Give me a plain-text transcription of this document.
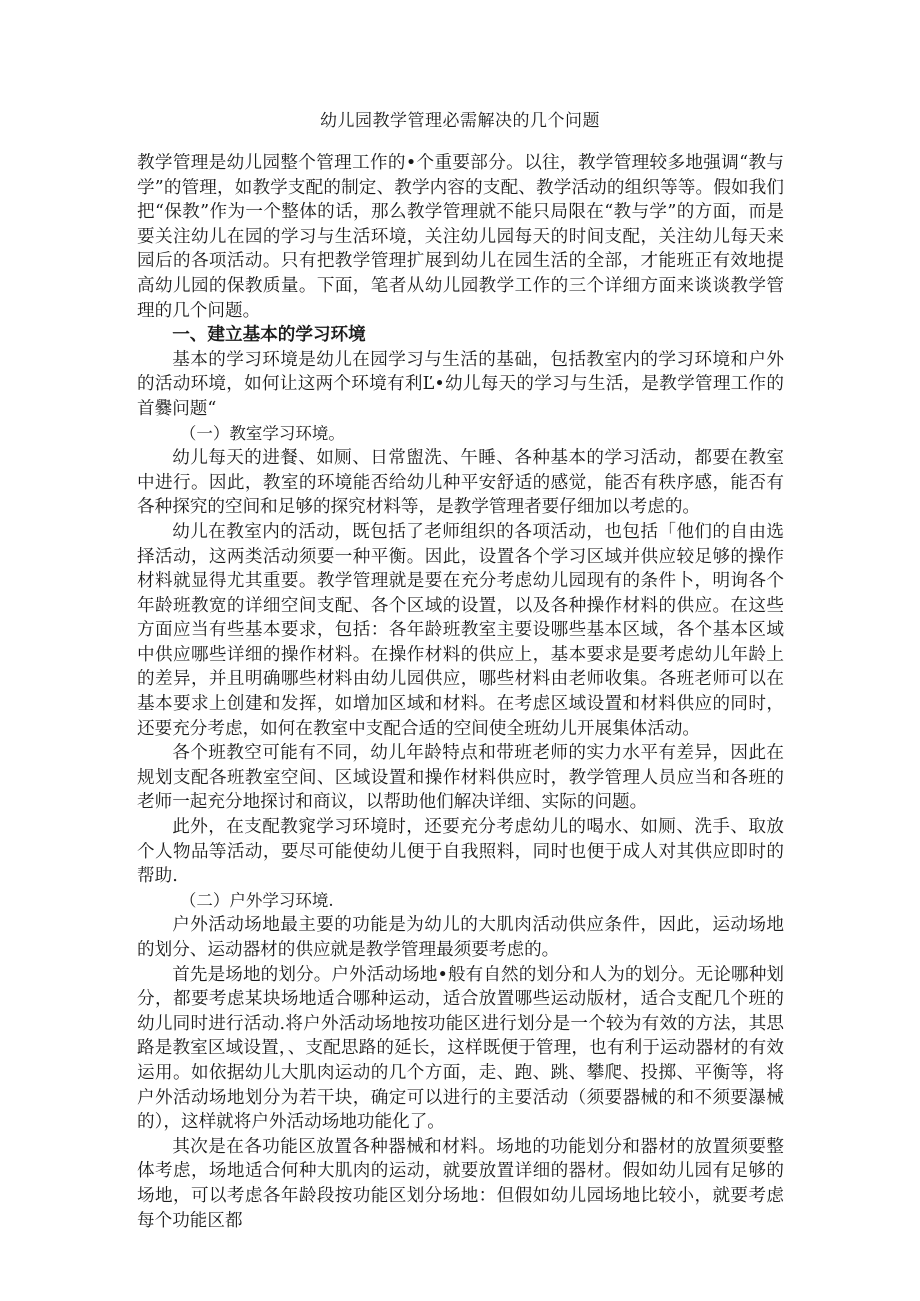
幼儿园教学管理必需解决的几个问题

教学管理是幼儿园整个管理工作的•个重要部分。以往，教学管理较多地强调“教与学”的管理，如教学支配的制定、教学内容的支配、教学活动的组织等等。假如我们把“保教”作为一个整体的话，那么教学管理就不能只局限在“教与学”的方面，而是要关注幼儿在园的学习与生活环境，关注幼儿园每天的时间支配，关注幼儿每天来园后的各项活动。只有把教学管理扩展到幼儿在园生活的全部，才能班正有效地提高幼儿园的保教质量。下面，笔者从幼儿园教学工作的三个详细方面来谈谈教学管理的几个问题。

一、建立基本的学习环境

基本的学习环境是幼儿在园学习与生活的基础，包括教室内的学习环境和户外的活动环境，如何让这两个环境有利Ľ•幼儿每天的学习与生活，是教学管理工作的首爨问题“

（一）教室学习环境。

幼儿每天的进餐、如厕、日常盥洗、午睡、各种基本的学习活动，都要在教室中进行。因此，教室的环境能否给幼儿种平安舒适的感觉，能否有秩序感，能否有各种探究的空间和足够的探究材料等，是教学管理者要仔细加以考虑的。

幼儿在教室内的活动，既包括了老师组织的各项活动，也包括「他们的自由选择活动，这两类活动须要一种平衡。因此，设置各个学习区域并供应较足够的操作材料就显得尤其重要。教学管理就是要在充分考虑幼儿园现有的条件卜，明询各个年龄班教宽的详细空间支配、各个区域的设置，以及各种操作材料的供应。在这些方面应当有些基本要求，包括：各年龄班教室主要设哪些基本区域，各个基本区域中供应哪些详细的操作材料。在操作材料的供应上，基本要求是要考虑幼儿年龄上的差异，并且明确哪些材料由幼儿园供应，哪些材料由老师收集。各班老师可以在基本要求上创建和发挥，如增加区域和材料。在考虑区域设置和材料供应的同时，还要充分考虑，如何在教室中支配合适的空间使全班幼儿开展集体活动。

各个班教空可能有不同，幼儿年龄特点和带班老师的实力水平有差异，因此在规划支配各班教室空间、区域设置和操作材料供应时，教学管理人员应当和各班的老师一起充分地探讨和商议，以帮助他们解决详细、实际的问题。

此外，在支配教窕学习环境时，还要充分考虑幼儿的喝水、如厕、洗手、取放个人物品等活动，要尽可能使幼儿便于自我照料，同时也便于成人对其供应即时的帮助.

（二）户外学习环境.

户外活动场地最主要的功能是为幼儿的大肌肉活动供应条件，因此，运动场地的划分、运动器材的供应就是教学管理最须要考虑的。

首先是场地的划分。户外活动场地•般有自然的划分和人为的划分。无论哪种划分，都要考虑某块场地适合哪种运动，适合放置哪些运动版材，适合支配几个班的幼儿同时进行活动.将户外活动场地按功能区进行划分是一个较为有效的方法，其思路是教室区域设置，、支配思路的延长，这样既便于管理，也有利于运动器材的有效运用。如依据幼儿大肌肉运动的几个方面，走、跑、跳、攀爬、投掷、平衡等，将户外活动场地划分为若干块，确定可以进行的主要活动（须要器械的和不须要瀑械的），这样就将户外活动场地功能化了。

其次是在各功能区放置各种器械和材料。场地的功能划分和器材的放置须要整体考虑，场地适合何种大肌肉的运动，就要放置详细的器材。假如幼儿园有足够的场地，可以考虑各年龄段按功能区划分场地：但假如幼儿园场地比较小，就要考虑每个功能区都
